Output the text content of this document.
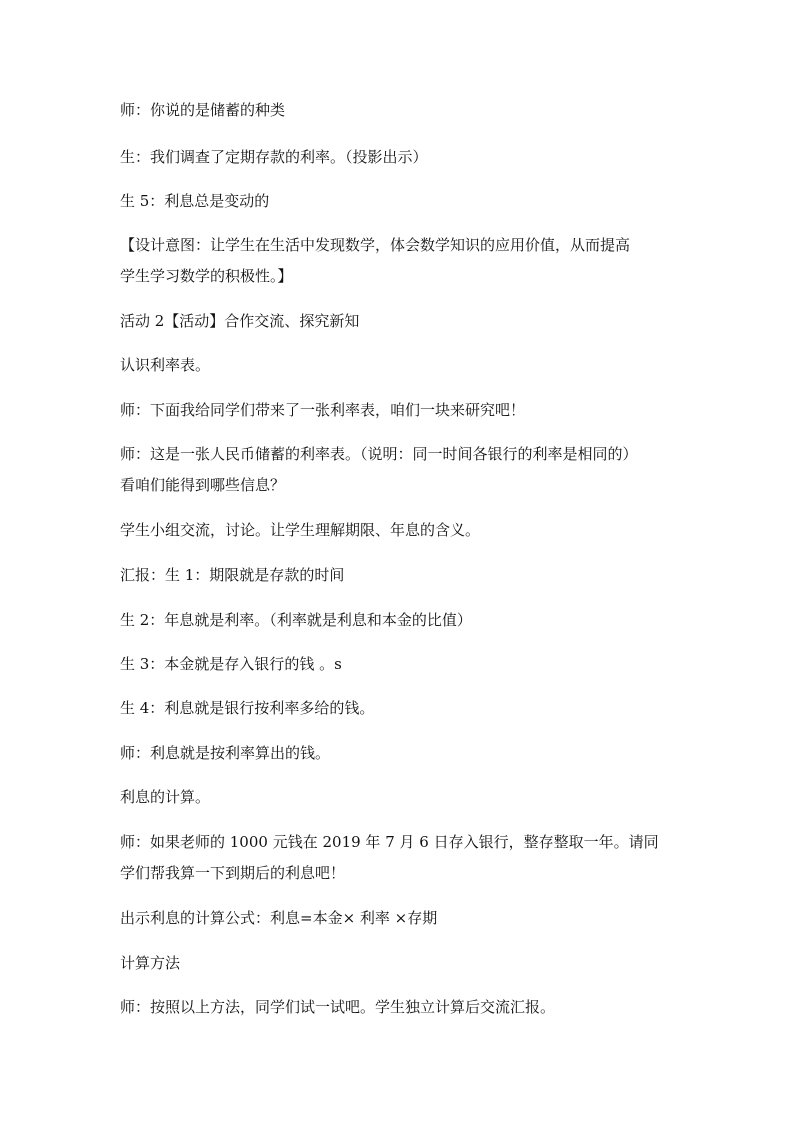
师：你说的是储蓄的种类
生：我们调查了定期存款的利率。（投影出示）
生 5：利息总是变动的
【设计意图：让学生在生活中发现数学，体会数学知识的应用价值，从而提高
学生学习数学的积极性。】
活动 2【活动】合作交流、探究新知
认识利率表。
师：下面我给同学们带来了一张利率表，咱们一块来研究吧！
师：这是一张人民币储蓄的利率表。（说明：同一时间各银行的利率是相同的）
看咱们能得到哪些信息？
学生小组交流，讨论。让学生理解期限、年息的含义。
汇报：生 1：期限就是存款的时间
生 2：年息就是利率。（利率就是利息和本金的比值）
生 3：本金就是存入银行的钱 。s
生 4：利息就是银行按利率多给的钱。
师：利息就是按利率算出的钱。
利息的计算。
师：如果老师的 1000 元钱在 2019 年 7 月 6 日存入银行，整存整取一年。请同
学们帮我算一下到期后的利息吧！
出示利息的计算公式：利息=本金× 利率 ×存期
计算方法
师：按照以上方法，同学们试一试吧。学生独立计算后交流汇报。
